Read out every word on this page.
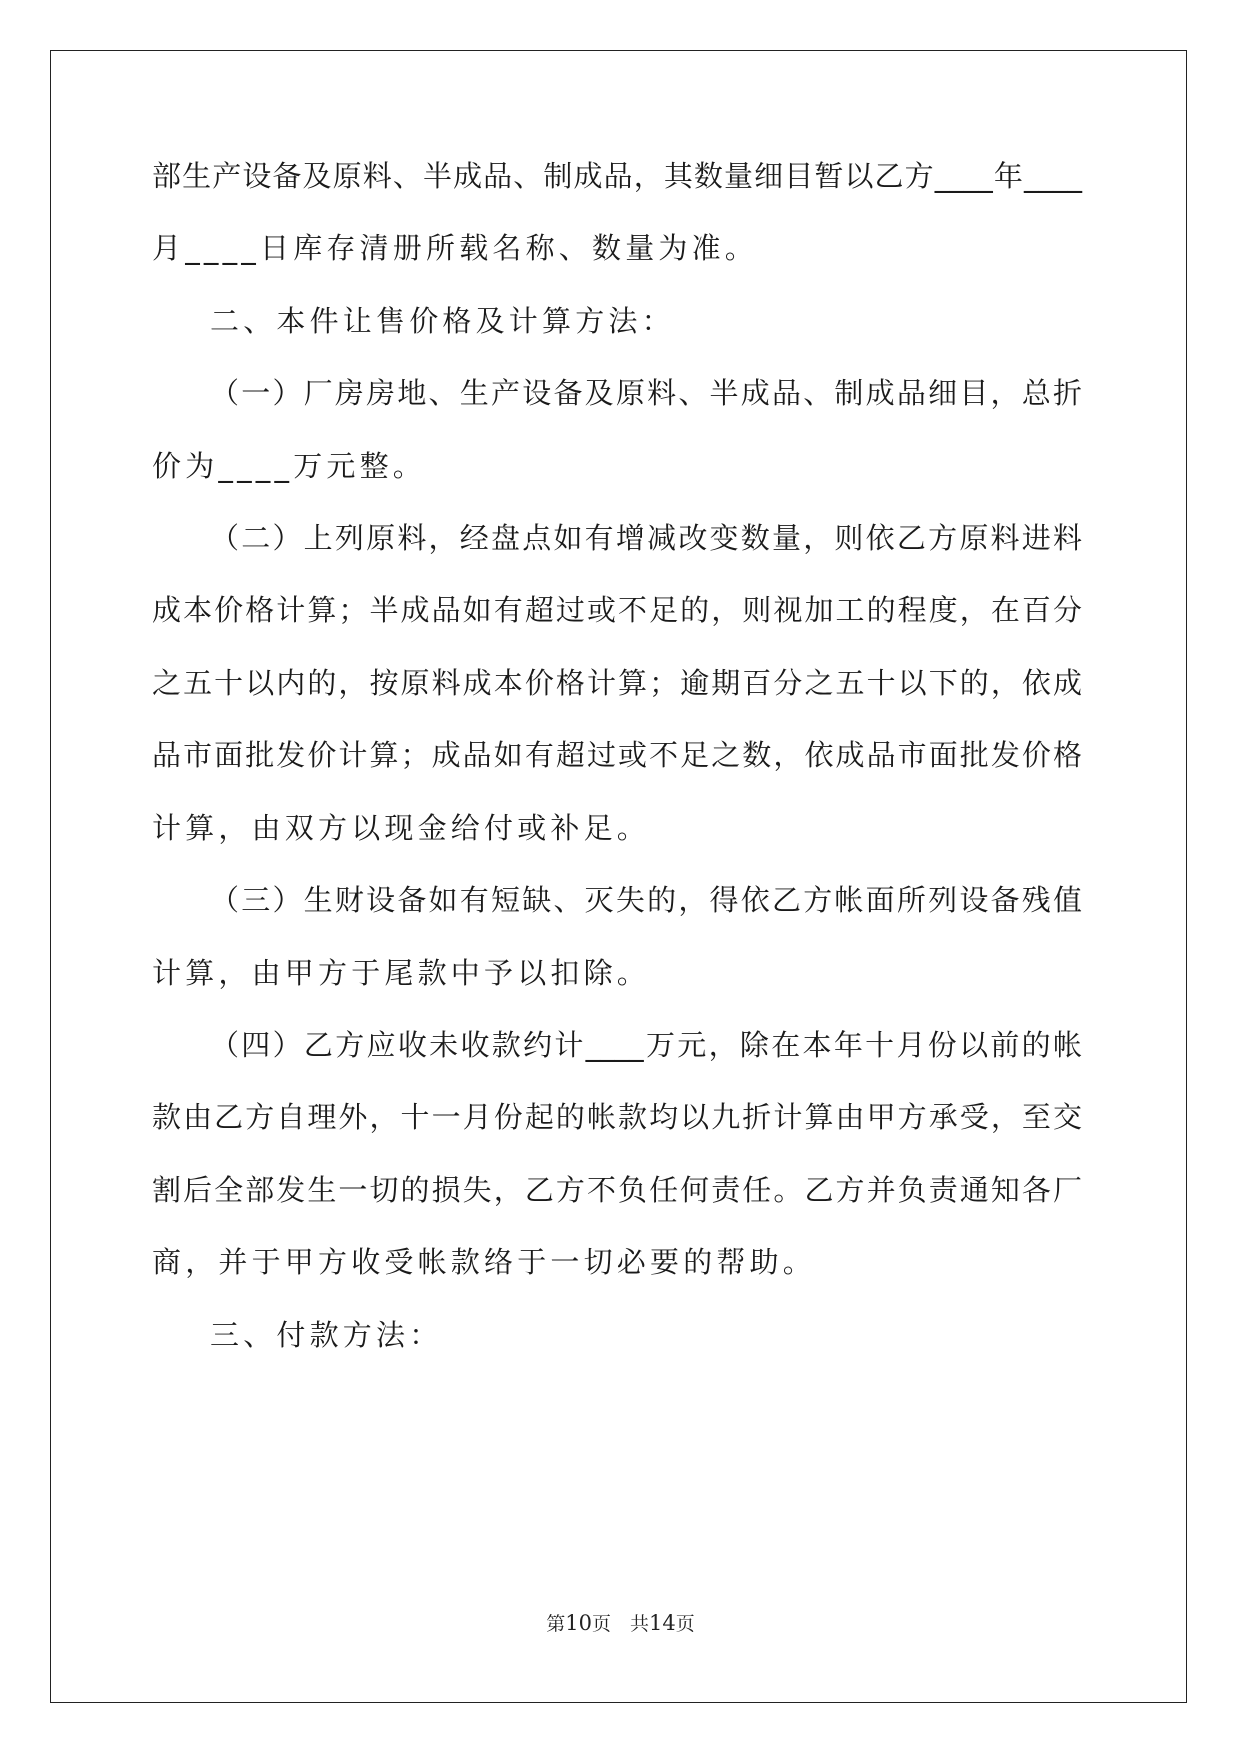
部生产设备及原料、半成品、制成品，其数量细目暂以乙方____年____
月____日库存清册所载名称、数量为准。
二、本件让售价格及计算方法：
（一）厂房房地、生产设备及原料、半成品、制成品细目，总折
价为____万元整。
（二）上列原料，经盘点如有增减改变数量，则依乙方原料进料
成本价格计算；半成品如有超过或不足的，则视加工的程度，在百分
之五十以内的，按原料成本价格计算；逾期百分之五十以下的，依成
品市面批发价计算；成品如有超过或不足之数，依成品市面批发价格
计算，由双方以现金给付或补足。
（三）生财设备如有短缺、灭失的，得依乙方帐面所列设备残值
计算，由甲方于尾款中予以扣除。
（四）乙方应收未收款约计____万元，除在本年十月份以前的帐
款由乙方自理外，十一月份起的帐款均以九折计算由甲方承受，至交
割后全部发生一切的损失，乙方不负任何责任。乙方并负责通知各厂
商，并于甲方收受帐款络于一切必要的帮助。
三、付款方法：
第10页　共14页
